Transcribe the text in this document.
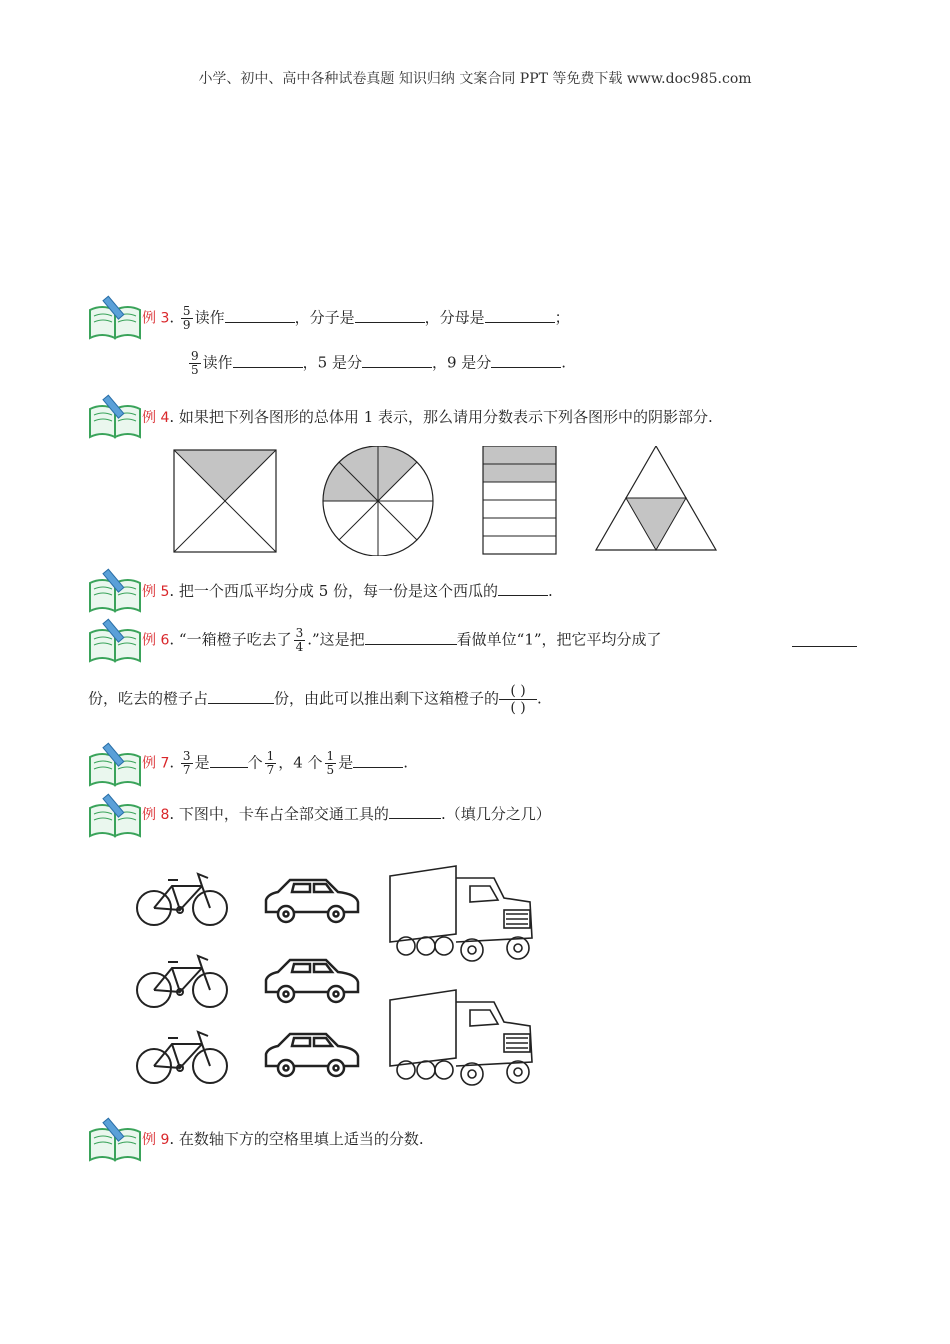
小学、初中、高中各种试卷真题 知识归纳 文案合同 PPT 等免费下载 www.doc985.com
例 3. $\frac{5}{9}$ 读作	，分子是	，分母是	；
$\frac{9}{5}$ 读作	，5 是分	，9 是分	.
例 4. 如果把下列各图形的总体用 1 表示，那么请用分数表示下列各图形中的阴影部分.
例 5. 把一个西瓜平均分成 5 份，每一份是这个西瓜的	.
例 6. “一箱橙子吃去了 $\frac{3}{4}$ .”这是把	看做单位“1”，把它平均分成了
份，吃去的橙子占	份，由此可以推出剩下这箱橙子的 ( )
( )
.
例 7. $\frac{3}{7}$ 是	个 $\frac{1}{7}$ ，4 个 $\frac{1}{5}$ 是	.
例 8. 下图中，卡车占全部交通工具的	.（填几分之几）
例 9. 在数轴下方的空格里填上适当的分数.
